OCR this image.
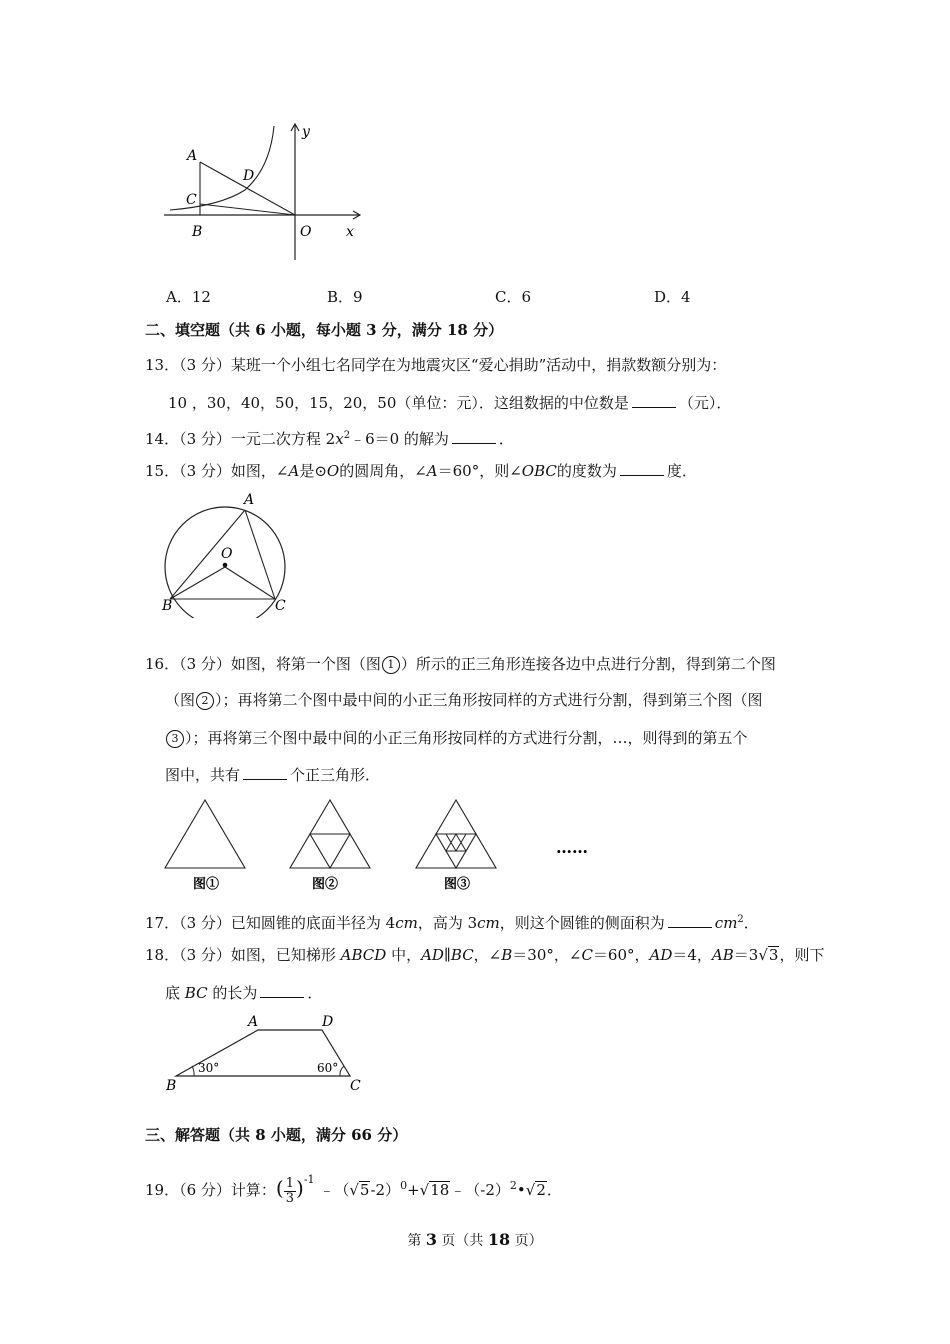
A
C
B
D
O x
y
A．12	B．9	C．6	D．4
二、填空题（共 6 小题，每小题 3 分，满分 18 分）
13．（3 分）某班一个小组七名同学在为地震灾区“爱心捐助”活动中，捐款数额分别为：
10 ，30，40，50，15，20，50（单位：元）．这组数据的中位数是	（元）．
14．（3 分）一元二次方程 $2x^2﹣6=0$ 的解为	．
15．（3 分）如图，∠A是⊙O的圆周角，∠A＝60°，则∠OBC的度数为	度．
A
O
B	C
16．（3 分）如图，将第一个图（图 1 ）所示的正三角形连接各边中点进行分割，得到第二个图
（图 2 ）；再将第二个图中最中间的小正三角形按同样的方式进行分割，得到第三个图（图
3 ）；再将第三个图中最中间的小正三角形按同样的方式进行分割，…，则得到的第五个
图中，共有	个正三角形．
图①	图②	图③
……
17．（3 分）已知圆锥的底面半径为 4cm，高为 3cm，则这个圆锥的侧面积为	$cm^2$．
18．（3 分）如图，已知梯形 ABCD 中，AD∥BC，∠B＝30°，∠C＝60°，AD＝4，AB＝3√3，则下
底 BC 的长为	．
A	D
B	C
30°	60°
三、解答题（共 8 小题，满分 66 分）
19．（6 分）计算：( $\frac{1}{3} )^{-1}$ $﹣(√5-2)^0+√18﹣(-2)^2•√2$．
第 3 页（共 18 页）
